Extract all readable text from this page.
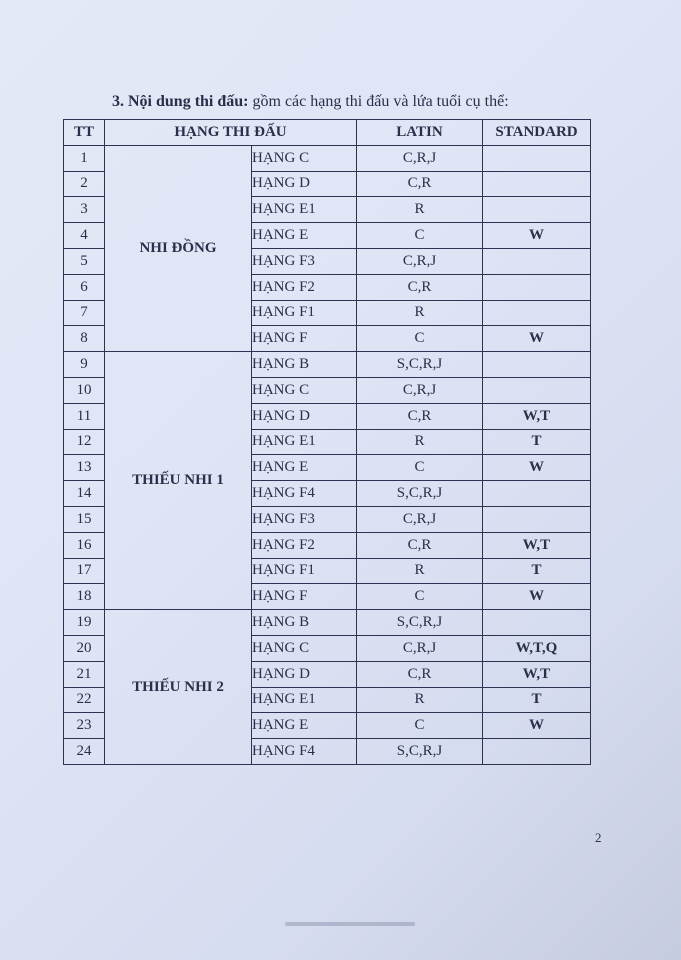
3. Nội dung thi đấu: gồm các hạng thi đấu và lứa tuổi cụ thể:
TT	HẠNG THI ĐẤU		LATIN	STANDARD
1	NHI ĐỒNG	HẠNG C	C,R,J	
2		HẠNG D	C,R	
3		HẠNG E1	R	
4		HẠNG E	C	W
5		HẠNG F3	C,R,J	
6		HẠNG F2	C,R	
7		HẠNG F1	R	
8		HẠNG F	C	W
9	THIẾU NHI 1	HẠNG B	S,C,R,J	
10		HẠNG C	C,R,J	
11		HẠNG D	C,R	W,T
12		HẠNG E1	R	T
13		HẠNG E	C	W
14		HẠNG F4	S,C,R,J	
15		HẠNG F3	C,R,J	
16		HẠNG F2	C,R	W,T
17		HẠNG F1	R	T
18		HẠNG F	C	W
19	THIẾU NHI 2	HẠNG B	S,C,R,J	
20		HẠNG C	C,R,J	W,T,Q
21		HẠNG D	C,R	W,T
22		HẠNG E1	R	T
23		HẠNG E	C	W
24		HẠNG F4	S,C,R,J	
2
